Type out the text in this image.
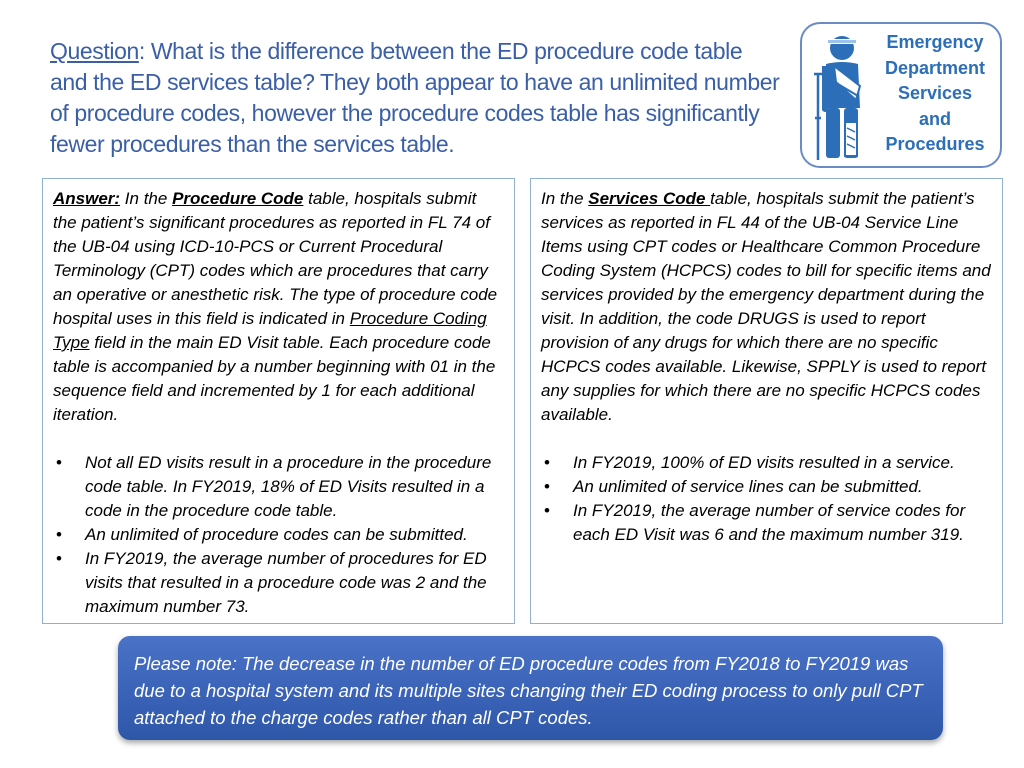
Question: What is the difference between the ED procedure code table and the ED services table? They both appear to have an unlimited number of procedure codes, however the procedure codes table has significantly fewer procedures than the services table.
Emergency
Department
Services
and
Procedures

Answer: In the Procedure Code table, hospitals submit the patient’s significant procedures as reported in FL 74 of the UB-04 using ICD-10-PCS or Current Procedural Terminology (CPT) codes which are procedures that carry an operative or anesthetic risk. The type of procedure code hospital uses in this field is indicated in Procedure Coding Type field in the main ED Visit table. Each procedure code table is accompanied by a number beginning with 01 in the sequence field and incremented by 1 for each additional iteration.

• Not all ED visits result in a procedure in the procedure code table. In FY2019, 18% of ED Visits resulted in a code in the procedure code table.
• An unlimited of procedure codes can be submitted.
• In FY2019, the average number of procedures for ED visits that resulted in a procedure code was 2 and the maximum number 73.

In the Services Code table, hospitals submit the patient’s services as reported in FL 44 of the UB-04 Service Line Items using CPT codes or Healthcare Common Procedure Coding System (HCPCS) codes to bill for specific items and services provided by the emergency department during the visit. In addition, the code DRUGS is used to report provision of any drugs for which there are no specific HCPCS codes available. Likewise, SPPLY is used to report any supplies for which there are no specific HCPCS codes available.

• In FY2019, 100% of ED visits resulted in a service.
• An unlimited of service lines can be submitted.
• In FY2019, the average number of service codes for each ED Visit was 6 and the maximum number 319.
Please note: The decrease in the number of ED procedure codes from FY2018 to FY2019 was due to a hospital system and its multiple sites changing their ED coding process to only pull CPT attached to the charge codes rather than all CPT codes.
